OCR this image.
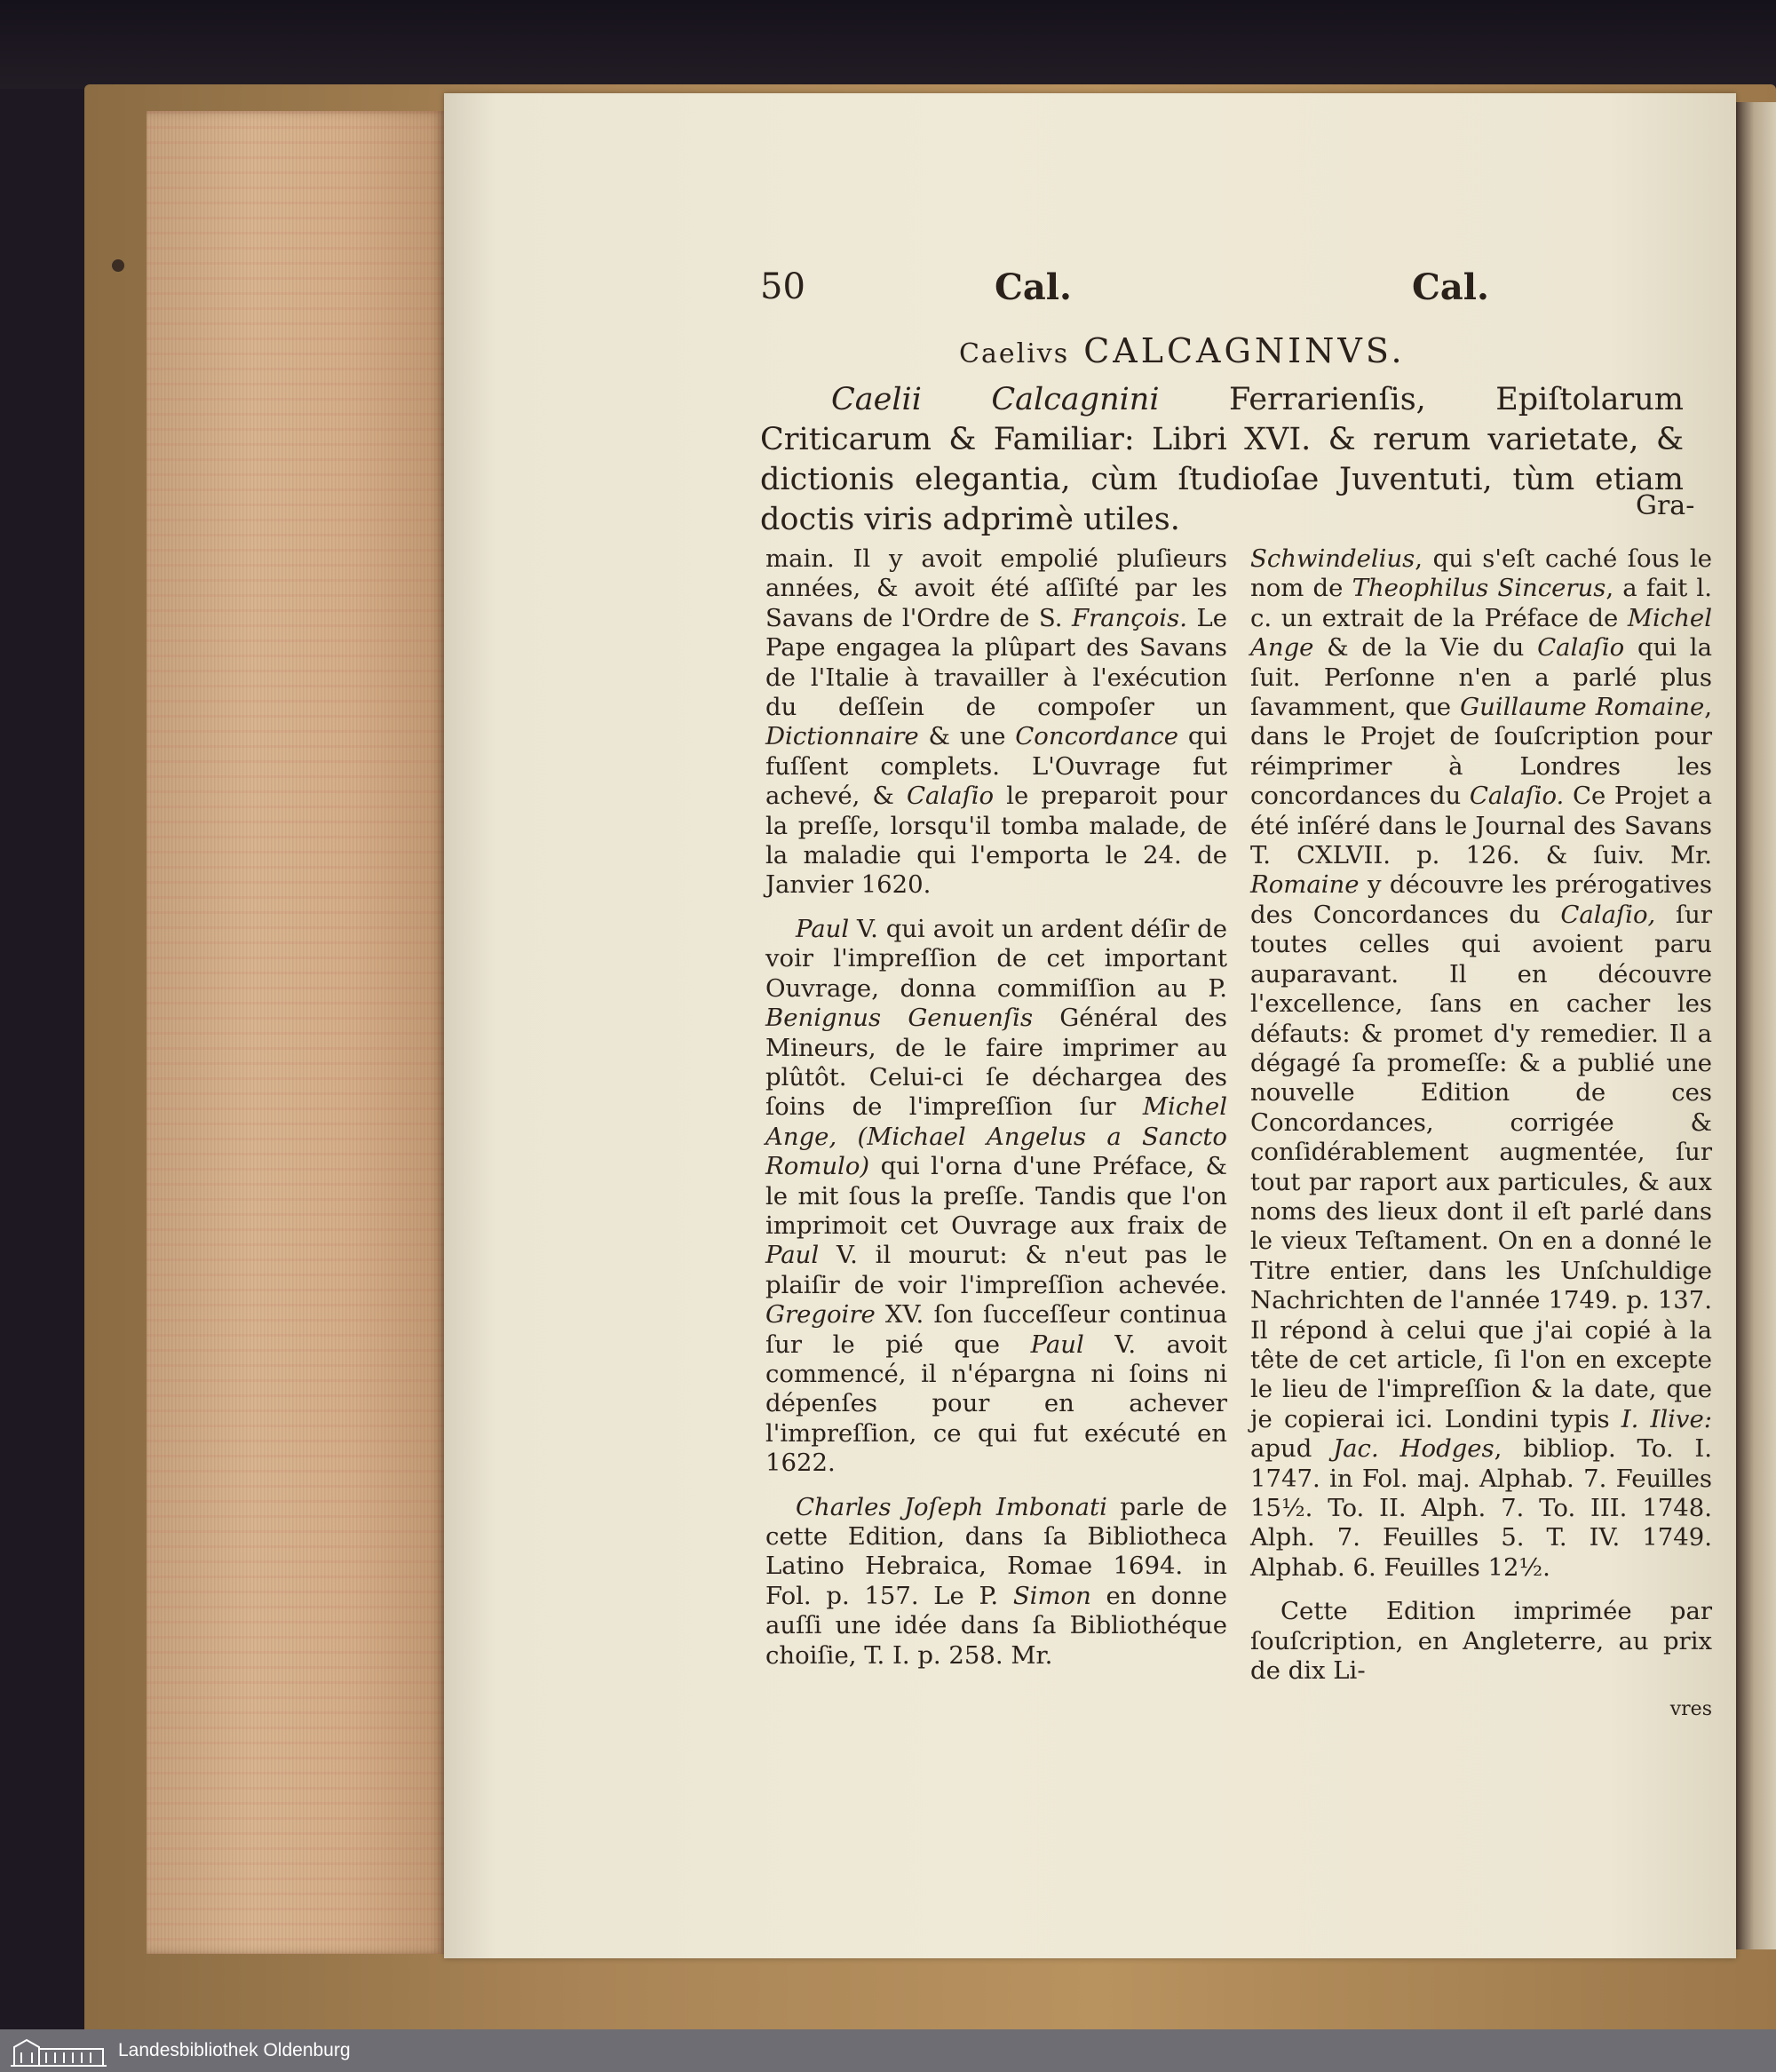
50	Cal.	Cal.
Caelivs CALCAGNINVS.
Caelii Calcagnini Ferrarienſis, Epiſtolarum Criticarum & Familiar: Libri XVI. & rerum varietate, & dictionis elegantia, cùm ſtudioſae Juventuti, tùm etiam doctis viris adprimè utiles.	Gra-

main. Il y avoit empolié pluſieurs années, & avoit été aſſiſté par les Savans de l'Ordre de S. François. Le Pape engagea la plûpart des Savans de l'Italie à travailler à l'exécution du deſſein de compoſer un Dictionnaire & une Concordance qui fuſſent complets. L'Ouvrage fut achevé, & Calaſio le preparoit pour la preſſe, lorsqu'il tomba malade, de la maladie qui l'emporta le 24. de Janvier 1620.

Paul V. qui avoit un ardent déſir de voir l'impreſſion de cet important Ouvrage, donna commiſſion au P. Benignus Genuenſis Général des Mineurs, de le faire imprimer au plûtôt. Celui-ci ſe déchargea des ſoins de l'impreſſion ſur Michel Ange, (Michael Angelus a Sancto Romulo) qui l'orna d'une Préface, & le mit ſous la preſſe. Tandis que l'on imprimoit cet Ouvrage aux fraix de Paul V. il mourut: & n'eut pas le plaiſir de voir l'impreſſion achevée. Gregoire XV. ſon ſucceſſeur continua ſur le pié que Paul V. avoit commencé, il n'épargna ni ſoins ni dépenſes pour en achever l'impreſſion, ce qui fut exécuté en 1622.

Charles Joſeph Imbonati parle de cette Edition, dans ſa Bibliotheca Latino Hebraica, Romae 1694. in Fol. p. 157. Le P. Simon en donne auſſi une idée dans ſa Bibliothéque choiſie, T. I. p. 258. Mr.

Schwindelius, qui s'eſt caché ſous le nom de Theophilus Sincerus, a fait l. c. un extrait de la Préface de Michel Ange & de la Vie du Calaſio qui la ſuit. Perſonne n'en a parlé plus ſavamment, que Guillaume Romaine, dans le Projet de ſouſcription pour réimprimer à Londres les concordances du Calaſio. Ce Projet a été inſéré dans le Journal des Savans T. CXLVII. p. 126. & ſuiv. Mr. Romaine y découvre les prérogatives des Concordances du Calaſio, ſur toutes celles qui avoient paru auparavant. Il en découvre l'excellence, ſans en cacher les défauts: & promet d'y remedier. Il a dégagé ſa promeſſe: & a publié une nouvelle Edition de ces Concordances, corrigée & conſidérablement augmentée, ſur tout par raport aux particules, & aux noms des lieux dont il eſt parlé dans le vieux Teſtament. On en a donné le Titre entier, dans les Unſchuldige Nachrichten de l'année 1749. p. 137. Il répond à celui que j'ai copié à la tête de cet article, ſi l'on en excepte le lieu de l'impreſſion & la date, que je copierai ici. Londini typis I. Ilive: apud Jac. Hodges, bibliop. To. I. 1747. in Fol. maj. Alphab. 7. Feuilles 15½. To. II. Alph. 7. To. III. 1748. Alph. 7. Feuilles 5. T. IV. 1749. Alphab. 6. Feuilles 12½.

Cette Edition imprimée par ſouſcription, en Angleterre, au prix de dix Li-

vres

Landesbibliothek Oldenburg
